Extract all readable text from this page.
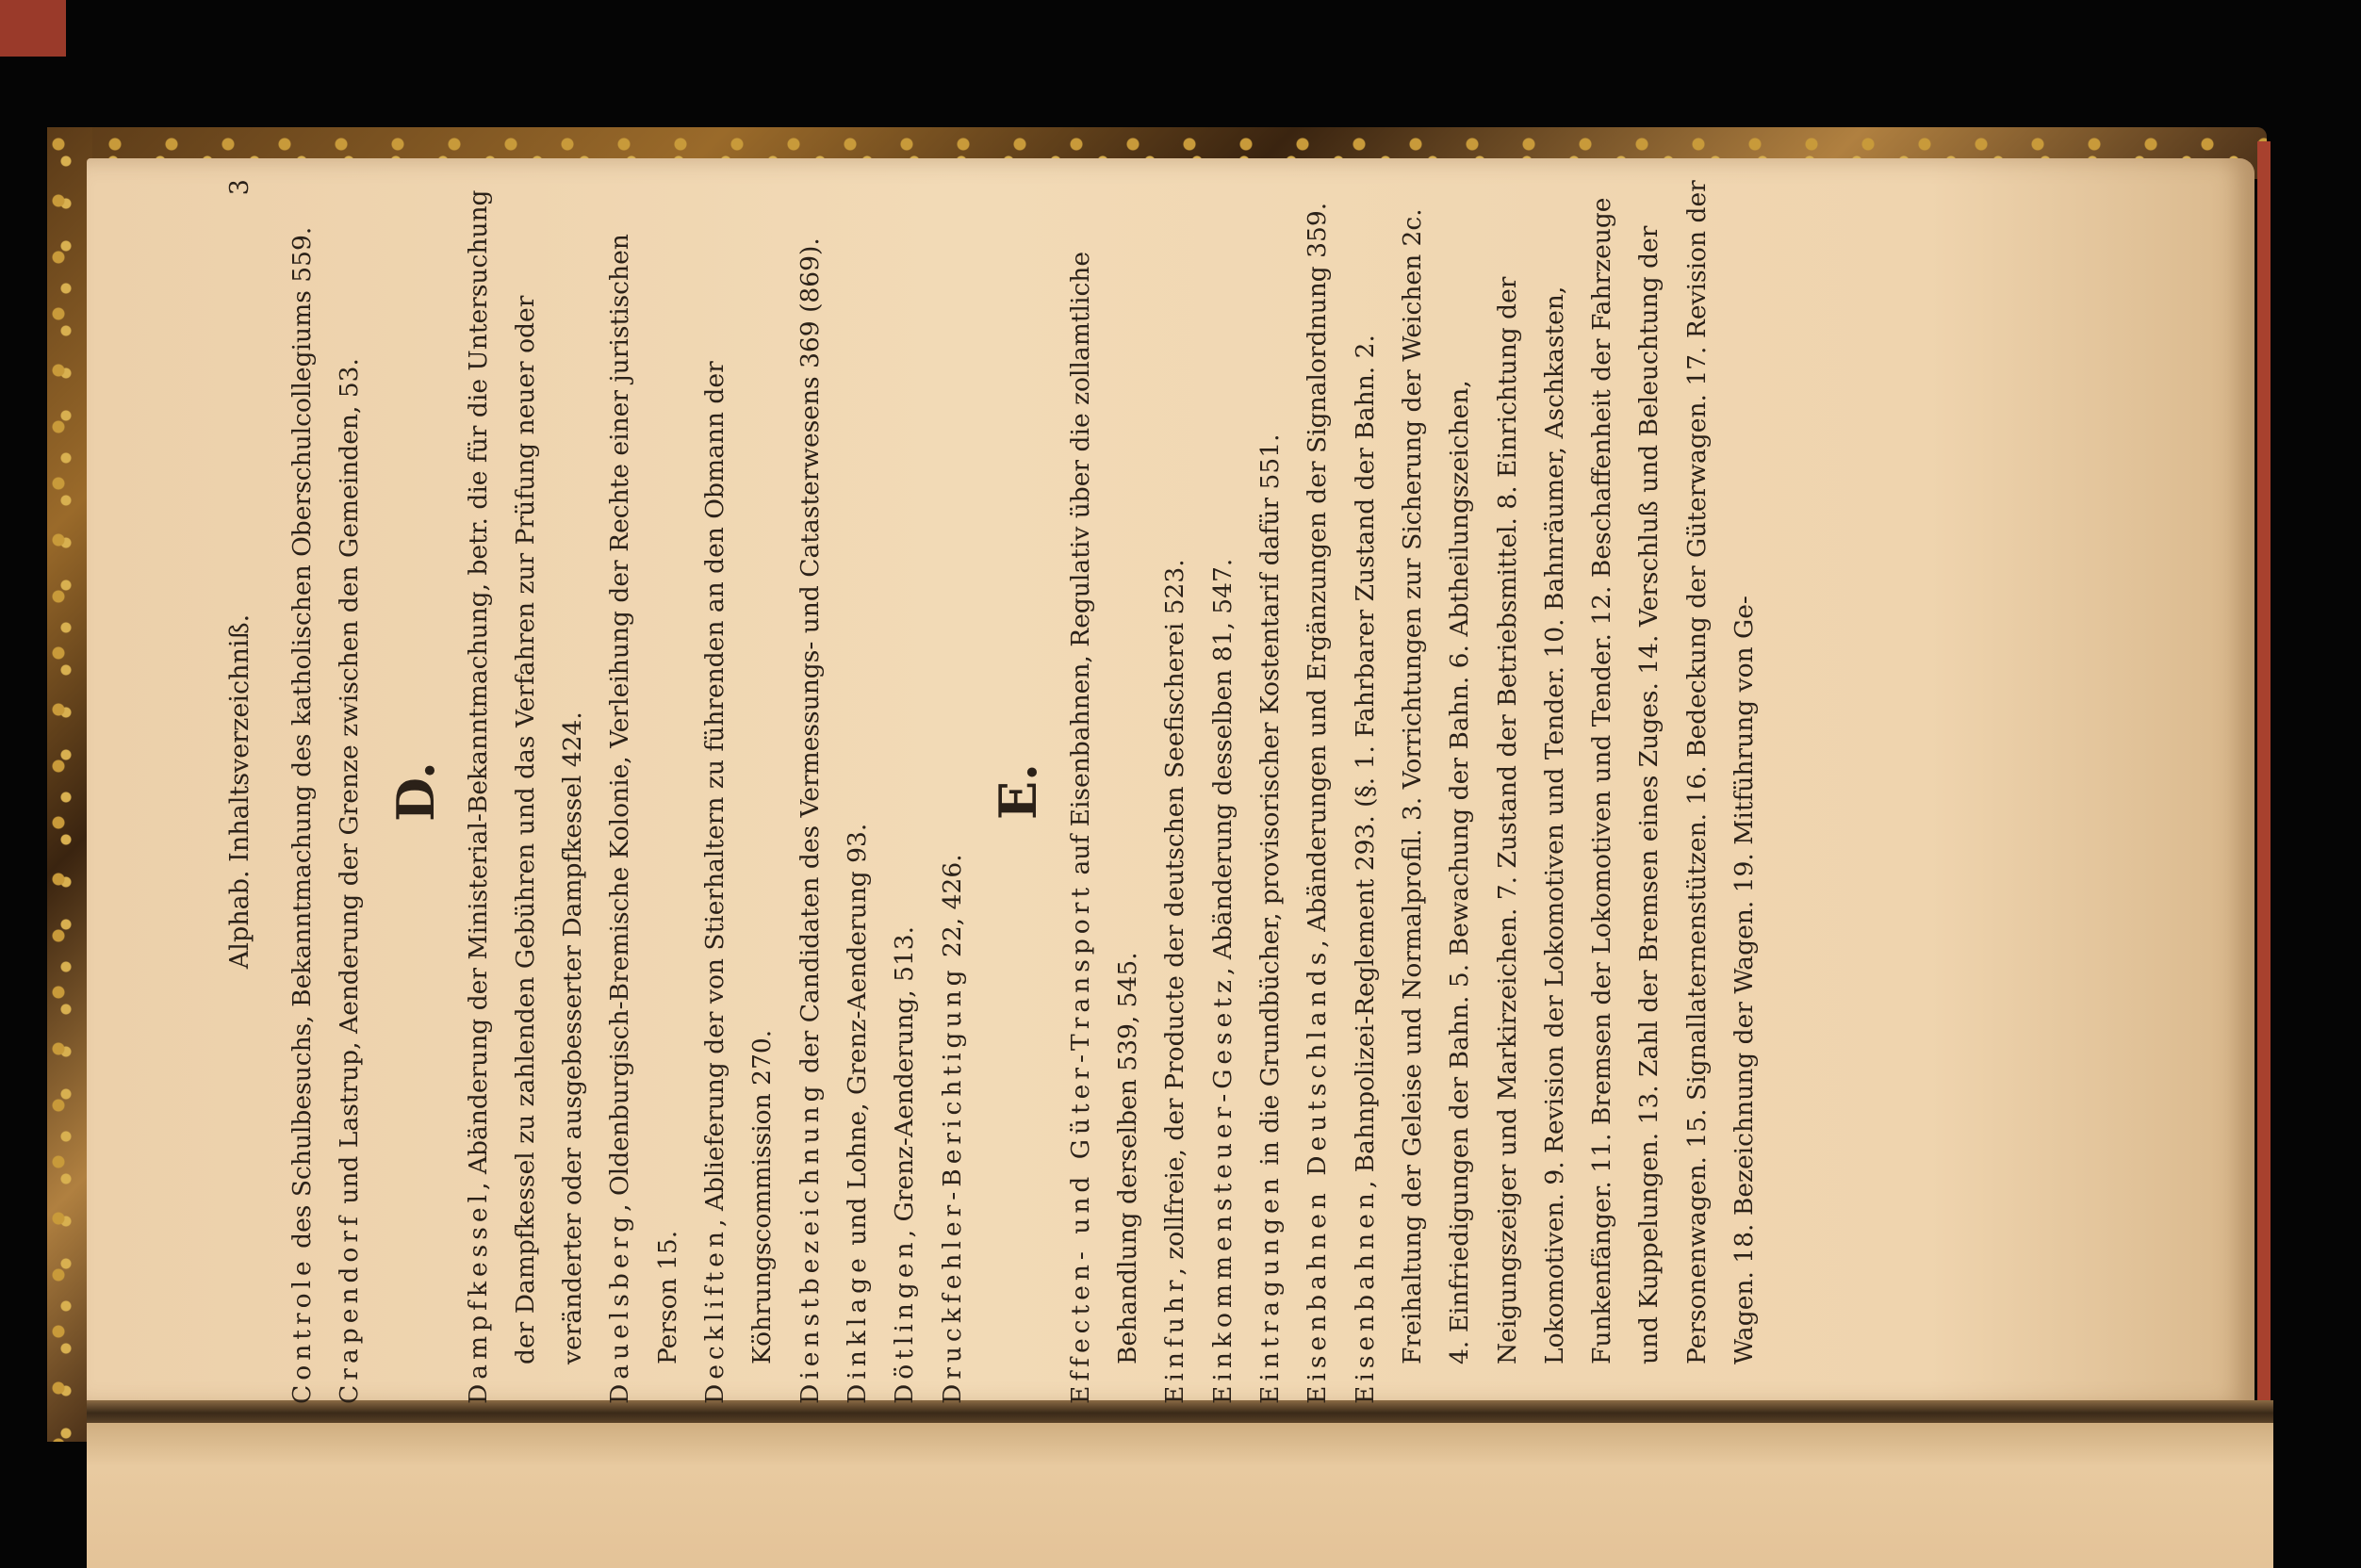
Alphab. Inhaltsverzeichniß.
3

Controle des Schulbesuchs, Bekanntmachung des katholischen Oberschulcollegiums 559.

Crapendorf und Lastrup, Aenderung der Grenze zwischen den Gemeinden, 53. D.

Dampfkessel, Abänderung der Ministerial-Bekanntmachung, betr. die für die Untersuchung der Dampfkessel zu zahlenden Gebühren und das Verfahren zur Prüfung neuer oder veränderter oder ausgebesserter Dampfkessel 424. Dauelsberg, Oldenburgisch-Bremische Kolonie, Verleihung der Rechte einer juristischen Person 15. Deckliften, Ablieferung der von Stierhaltern zu führenden an den Obmann der Köhrungscommission 270. Dienstbezeichnung der Candidaten des Vermessungs- und Catasterwesens 369 (869).

Dinklage und Lohne, Grenz-Aenderung 93.

Dötlingen, Grenz-Aenderung, 513. Druckfehler-Berichtigung 22, 426.

E.

Effecten- und Güter-Transport auf Eisenbahnen, Regulativ über die zollamtliche Behandlung derselben 539, 545. Einfuhr, zollfreie, der Producte der deutschen Seefischerei 523. Einkommensteuer-Gesetz, Abänderung desselben 81, 547.

Eintragungen in die Grundbücher, provisorischer Kostentarif dafür 551.

Eisenbahnen Deutschlands, Abänderungen und Ergänzungen der Signalordnung 359.

Eisenbahnen, Bahnpolizei-Reglement 293. (§. 1. Fahrbarer Zustand der Bahn. 2. Freihaltung der Geleise und Normalprofil. 3. Vorrichtungen zur Sicherung der Weichen 2c. 4. Einfriedigungen der Bahn. 5. Bewachung der Bahn. 6. Abtheilungszeichen, Neigungszeiger und Markirzeichen. 7. Zustand der Betriebsmittel. 8. Einrichtung der Lokomotiven. 9. Revision der Lokomotiven und Tender. 10. Bahnräumer, Aschkasten, Funkenfänger. 11. Bremsen der Lokomotiven und Tender. 12. Beschaffenheit der Fahrzeuge und Kuppelungen. 13. Zahl der Bremsen eines Zuges. 14. Verschluß und Beleuchtung der Personenwagen. 15. Signallaternenstützen. 16. Bedeckung der Güterwagen. 17. Revision der Wagen. 18. Bezeichnung der Wagen. 19. Mitführung von Ge-
